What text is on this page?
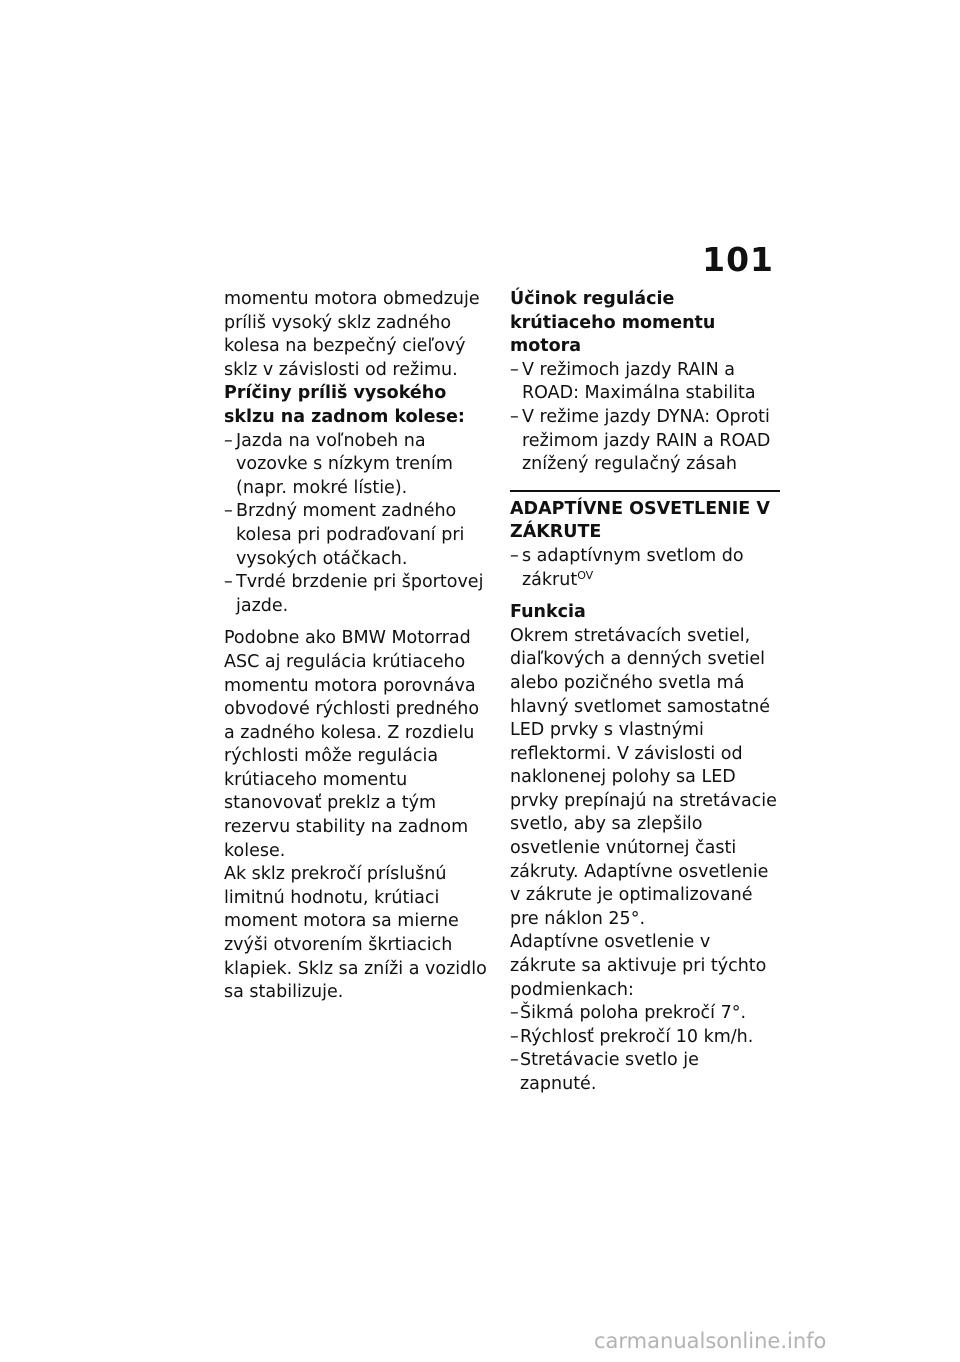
101

momentu motora obmedzuje príliš vysoký sklz zadného kolesa na bezpečný cieľový sklz v závislosti od režimu.

Príčiny príliš vysokého sklzu na zadnom kolese:

– Jazda na voľnobeh na vozovke s nízkym trením (napr. mokré lístie).
– Brzdný moment zadného kolesa pri podraďovaní pri vysokých otáčkach.
– Tvrdé brzdenie pri športovej jazde.

Podobne ako BMW Motorrad ASC aj regulácia krútiaceho momentu motora porovnáva obvodové rýchlosti predného a zadného kolesa. Z rozdielu rýchlosti môže regulácia krútiaceho momentu stanovovať preklz a tým rezervu stability na zadnom kolese.

Ak sklz prekročí príslušnú limitnú hodnotu, krútiaci moment motora sa mierne zvýši otvorením škrtiacich klapiek. Sklz sa zníži a vozidlo sa stabilizuje.

Účinok regulácie krútiaceho momentu motora

– V režimoch jazdy RAIN a ROAD: Maximálna stabilita
– V režime jazdy DYNA: Oproti režimom jazdy RAIN a ROAD znížený regulačný zásah
ADAPTÍVNE OSVETLENIE V ZÁKRUTE
– s adaptívnym svetlom do zákrut$^{OV}$

Funkcia

Okrem stretávacích svetiel, diaľkových a denných svetiel alebo pozičného svetla má hlavný svetlomet samostatné LED prvky s vlastnými reflektormi. V závislosti od naklonenej polohy sa LED prvky prepínajú na stretávacie svetlo, aby sa zlepšilo osvetlenie vnútornej časti zákruty. Adaptívne osvetlenie v zákrute je optimalizované pre náklon 25°.

Adaptívne osvetlenie v zákrute sa aktivuje pri týchto podmienkach:

– Šikmá poloha prekročí 7°.
– Rýchlosť prekročí 10 km/h.
– Stretávacie svetlo je zapnuté.
carmanualsonline.info
